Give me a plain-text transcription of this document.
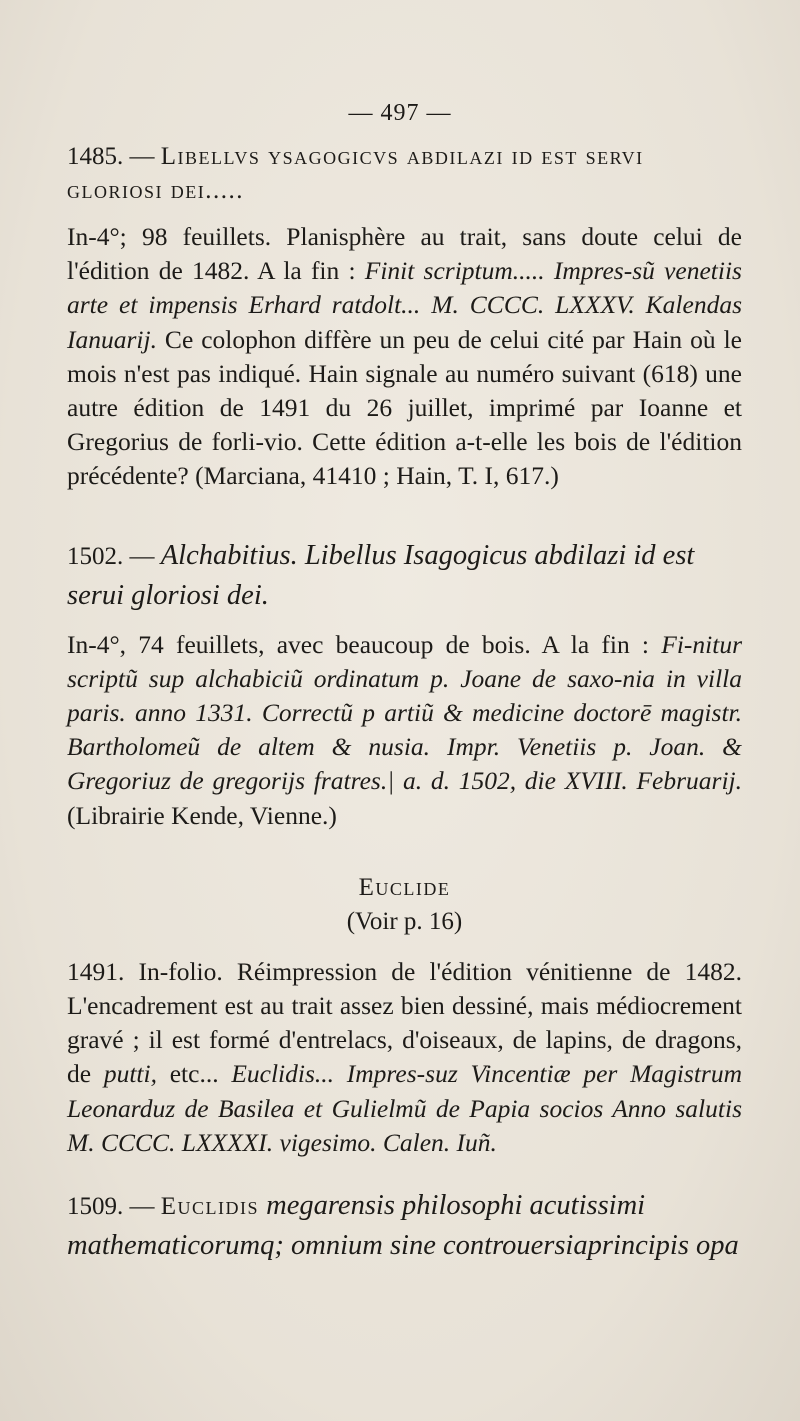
— 497 —

1485. — Libellvs ysagogicvs abdilazi id est servi gloriosi dei.....

In-4°; 98 feuillets. Planisphère au trait, sans doute celui de l'édition de 1482. A la fin : Finit scriptum..... Impres-sũ venetiis arte et impensis Erhard ratdolt... M. CCCC. LXXXV. Kalendas Ianuarij. Ce colophon diffère un peu de celui cité par Hain où le mois n'est pas indiqué. Hain signale au numéro suivant (618) une autre édition de 1491 du 26 juillet, imprimé par Ioanne et Gregorius de forli-vio. Cette édition a-t-elle les bois de l'édition précédente? (Marciana, 41410 ; Hain, T. I, 617.)

1502. — Alchabitius. Libellus Isagogicus abdilazi id est serui gloriosi dei.

In-4°, 74 feuillets, avec beaucoup de bois. A la fin : Fi-nitur scriptũ sup alchabiciũ ordinatum p. Joane de saxo-nia in villa paris. anno 1331. Correctũ p artiũ & medicine doctorē magistr. Bartholomeũ de altem & nusia. Impr. Venetiis p. Joan. & Gregoriuz de gregorijs fratres.| a. d. 1502, die XVIII. Februarij. (Librairie Kende, Vienne.)

Euclide
(Voir p. 16)

1491. In-folio. Réimpression de l'édition vénitienne de 1482. L'encadrement est au trait assez bien dessiné, mais médiocrement gravé ; il est formé d'entrelacs, d'oiseaux, de lapins, de dragons, de putti, etc... Euclidis... Impres-suz Vincentiæ per Magistrum Leonarduz de Basilea et Gulielmũ de Papia socios Anno salutis M. CCCC. LXXXXI. vigesimo. Calen. Iuñ.

1509. — Euclidis megarensis philosophi acutissimi mathematicorumq; omnium sine controuersiaprincipis opa
